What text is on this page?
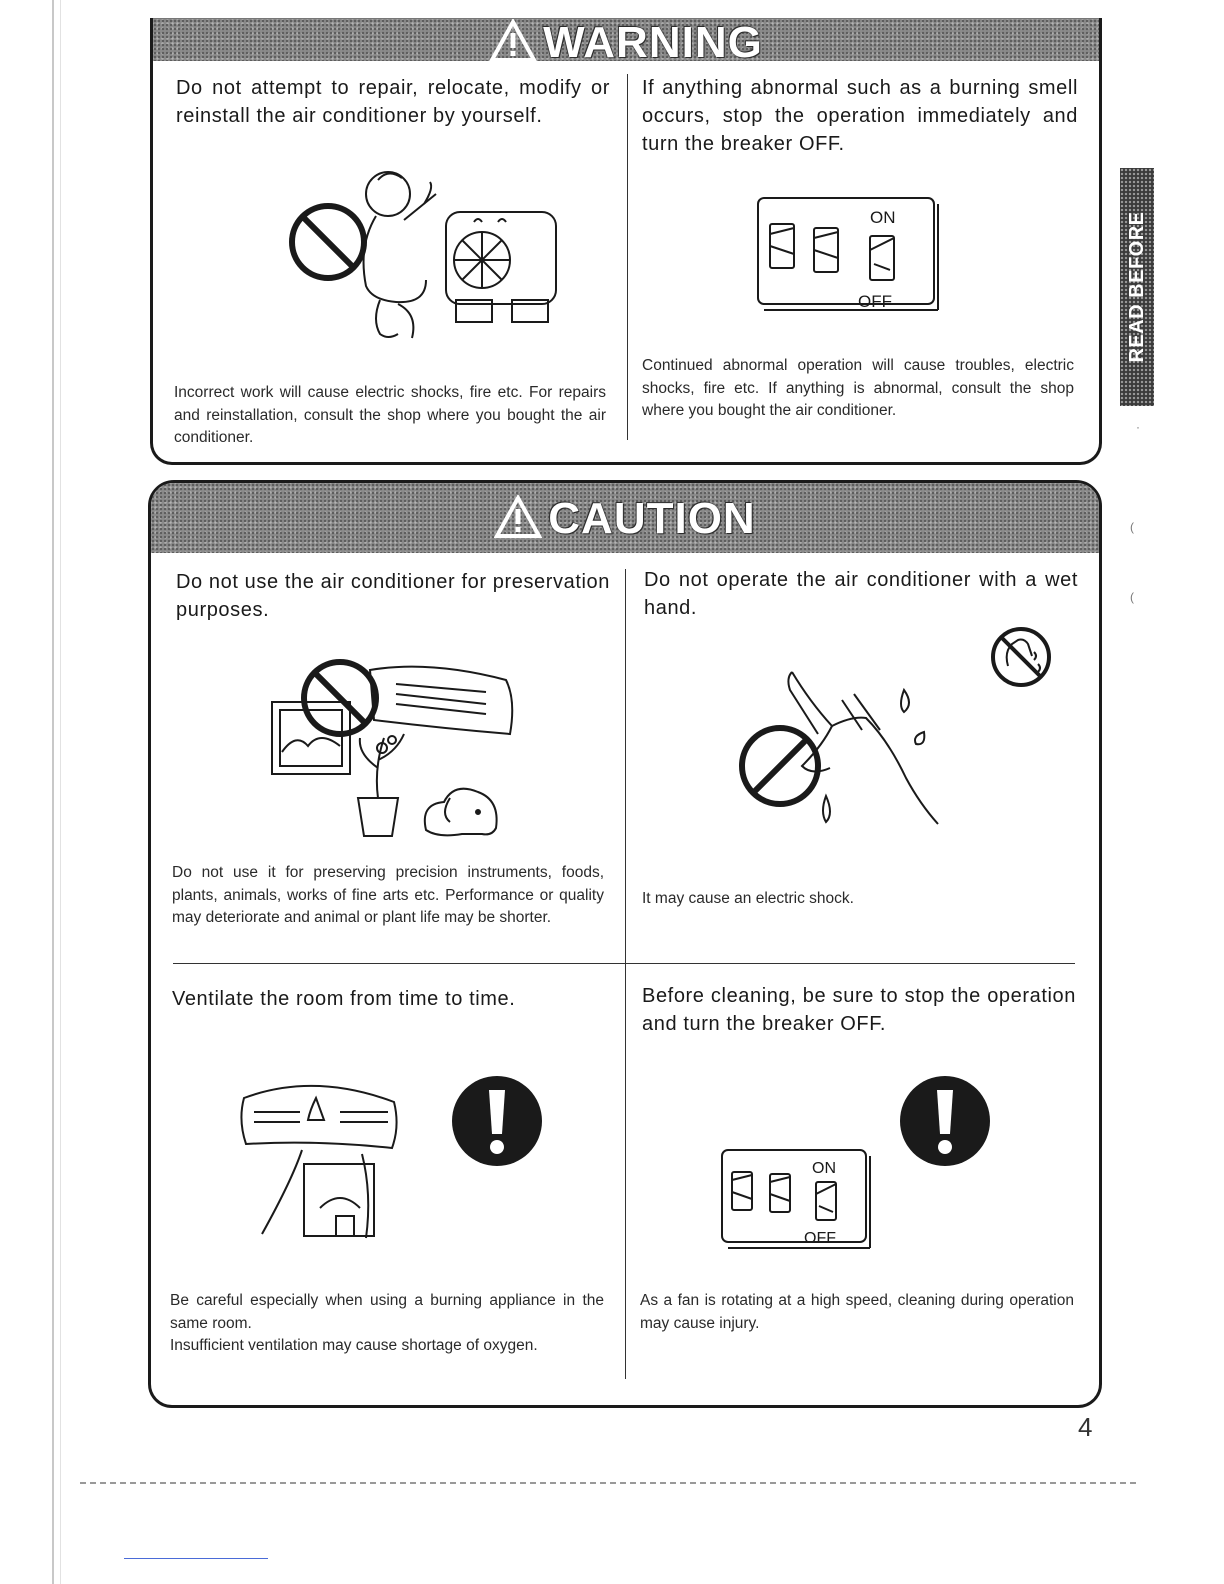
WARNING
Do not attempt to repair, relocate, modify or reinstall the air conditioner by yourself.
Incorrect work will cause electric shocks, fire etc. For repairs and reinstallation, consult the shop where you bought the air conditioner.
If anything abnormal such as a burning smell occurs, stop the operation immediately and turn the breaker OFF.
ON
OFF
Continued abnormal operation will cause troubles, electric shocks, fire etc. If anything is abnormal, consult the shop where you bought the air conditioner.
CAUTION
Do not use the air conditioner for preservation purposes.
Do not use it for preserving precision instruments, foods, plants, animals, works of fine arts etc. Performance or quality may deteriorate and animal or plant life may be shorter.
Do not operate the air conditioner with a wet hand.
It may cause an electric shock.
Ventilate the room from time to time.

Be careful especially when using a burning appliance in the same room.

Insufficient ventilation may cause shortage of oxygen.

Before cleaning, be sure to stop the operation and turn the breaker OFF.
ON
OFF
As a fan is rotating at a high speed, cleaning during operation may cause injury.
READ BEFORE
·
(
(
4
